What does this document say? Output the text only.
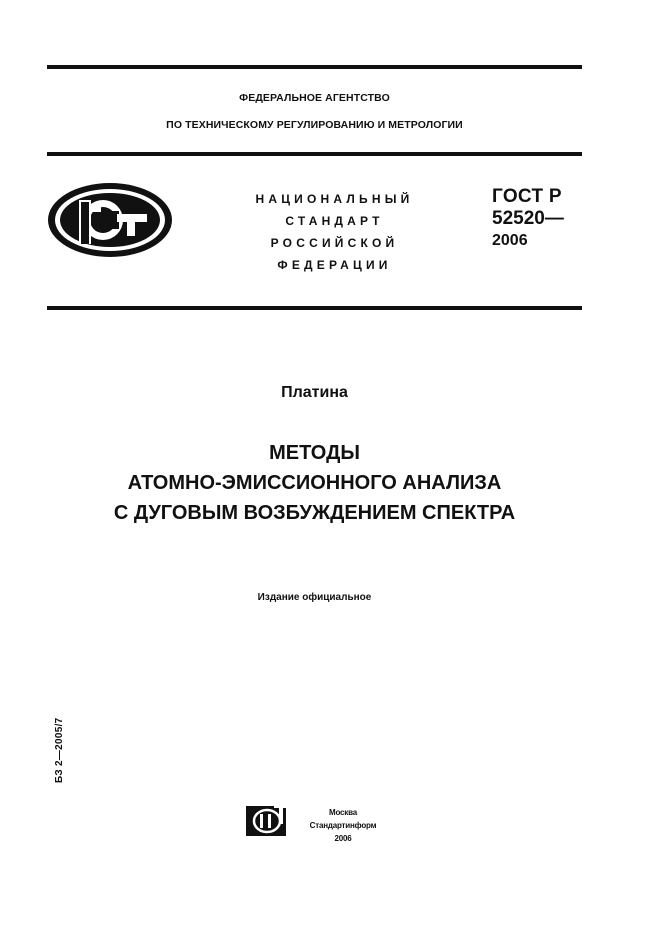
ФЕДЕРАЛЬНОЕ АГЕНТСТВО
ПО ТЕХНИЧЕСКОМУ РЕГУЛИРОВАНИЮ И МЕТРОЛОГИИ
НАЦИОНАЛЬНЫЙ
СТАНДАРТ
РОССИЙСКОЙ
ФЕДЕРАЦИИ
ГОСТ Р
52520—
2006
Платина
МЕТОДЫ
АТОМНО-ЭМИССИОННОГО АНАЛИЗА
С ДУГОВЫМ ВОЗБУЖДЕНИЕМ СПЕКТРА
Издание официальное
БЗ 2—2005/7
Москва
Стандартинформ
2006
